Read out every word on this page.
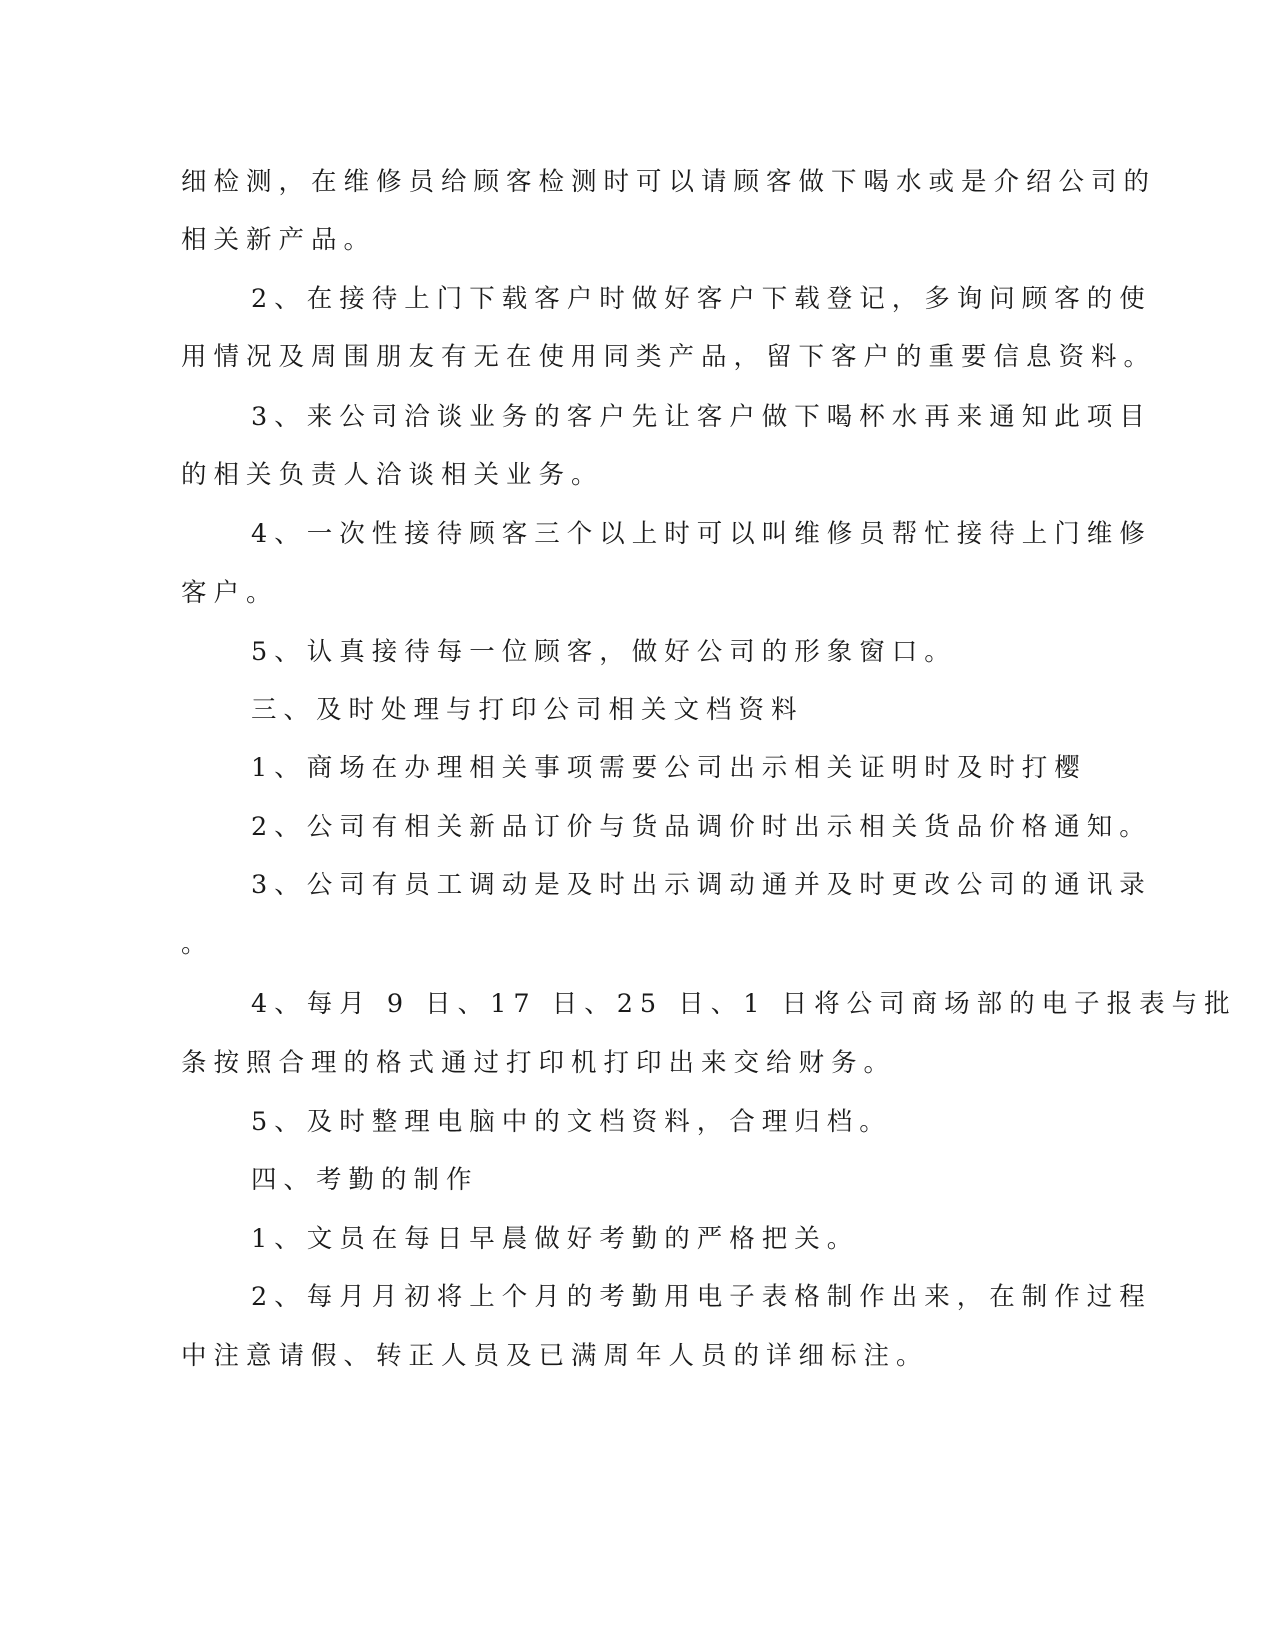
细检测，在维修员给顾客检测时可以请顾客做下喝水或是介绍公司的
相关新产品。
2、在接待上门下载客户时做好客户下载登记，多询问顾客的使
用情况及周围朋友有无在使用同类产品，留下客户的重要信息资料。
3、来公司洽谈业务的客户先让客户做下喝杯水再来通知此项目
的相关负责人洽谈相关业务。
4、一次性接待顾客三个以上时可以叫维修员帮忙接待上门维修
客户。
5、认真接待每一位顾客，做好公司的形象窗口。
三、及时处理与打印公司相关文档资料
1、商场在办理相关事项需要公司出示相关证明时及时打樱
2、公司有相关新品订价与货品调价时出示相关货品价格通知。
3、公司有员工调动是及时出示调动通并及时更改公司的通讯录
。
4、每月 9 日、17 日、25 日、1 日将公司商场部的电子报表与批
条按照合理的格式通过打印机打印出来交给财务。
5、及时整理电脑中的文档资料，合理归档。
四、考勤的制作
1、文员在每日早晨做好考勤的严格把关。
2、每月月初将上个月的考勤用电子表格制作出来，在制作过程
中注意请假、转正人员及已满周年人员的详细标注。
